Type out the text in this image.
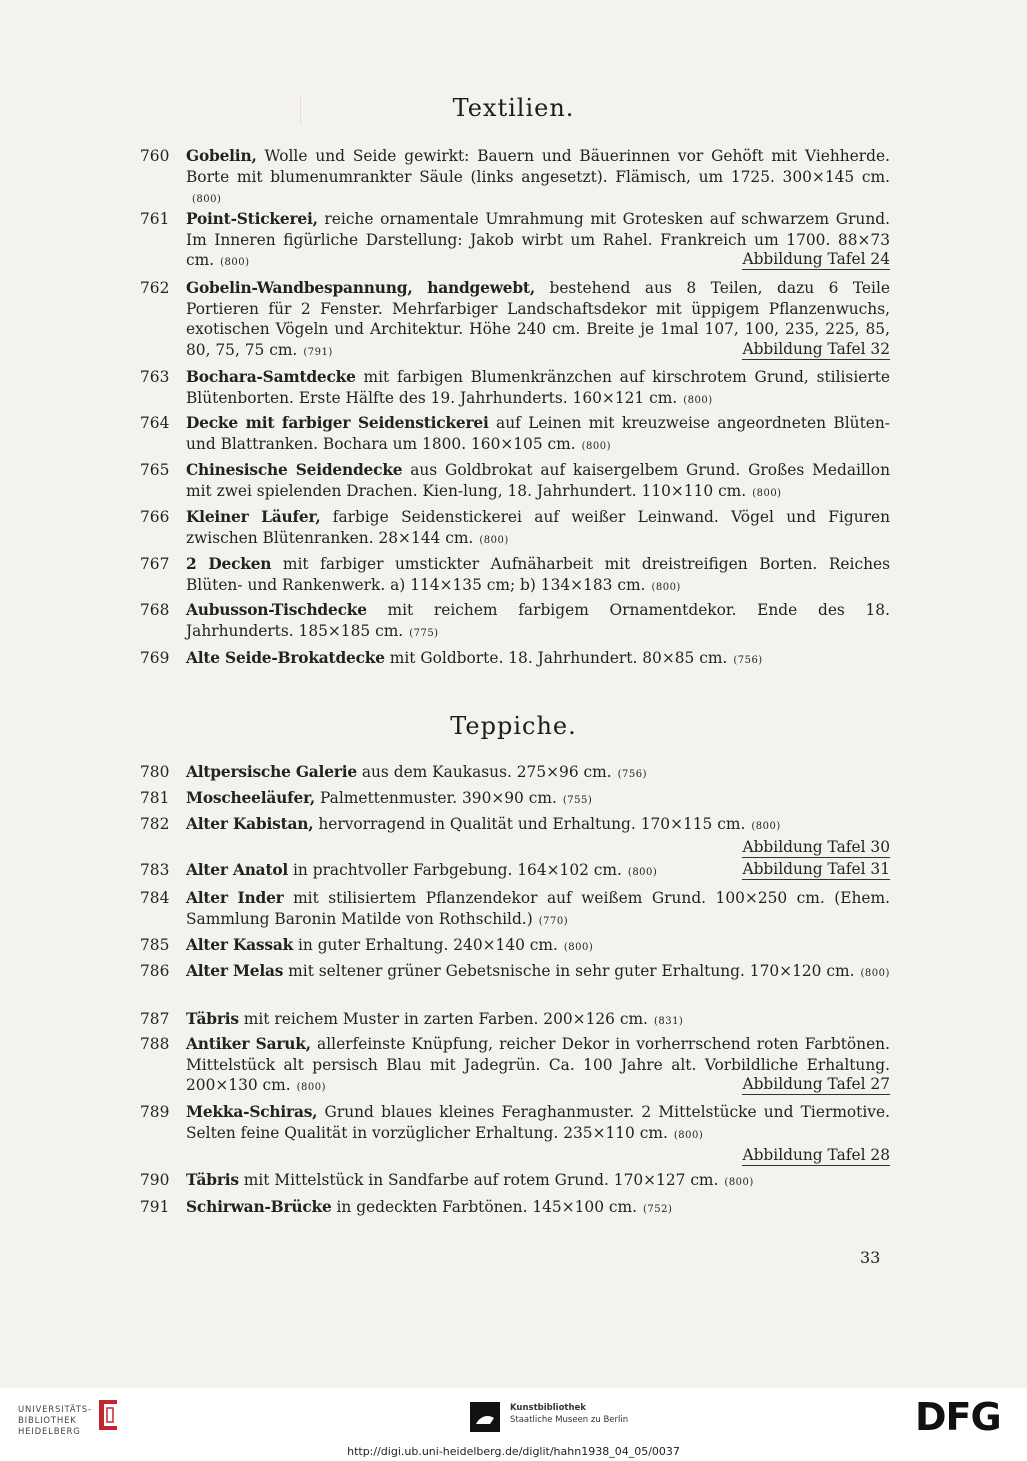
Textilien.
760	Gobelin, Wolle und Seide gewirkt: Bauern und Bäuerinnen vor Gehöft mit Viehherde. Borte mit blumenumrankter Säule (links angesetzt). Flämisch, um 1725. 300×145 cm.(800)
761	Point-Stickerei, reiche ornamentale Umrahmung mit Grotesken auf schwarzem Grund. Im Inneren figürliche Darstellung: Jakob wirbt um Rahel. Frankreich um 1700. 88×73 cm. (800)	Abbildung Tafel 24
762	Gobelin-Wandbespannung, handgewebt, bestehend aus 8 Teilen, dazu 6 Teile Portieren für 2 Fenster. Mehrfarbiger Landschaftsdekor mit üppigem Pflanzenwuchs, exotischen Vögeln und Architektur. Höhe 240 cm. Breite je 1mal 107, 100, 235, 225, 85, 80, 75, 75 cm. (791)	Abbildung Tafel 32
763	Bochara-Samtdecke mit farbigen Blumenkränzchen auf kirschrotem Grund, stilisierte Blütenborten. Erste Hälfte des 19. Jahrhunderts. 160×121 cm. (800)
764	Decke mit farbiger Seidenstickerei auf Leinen mit kreuzweise angeordneten Blüten- und Blattranken. Bochara um 1800. 160×105 cm. (800)
765	Chinesische Seidendecke aus Goldbrokat auf kaisergelbem Grund. Großes Medaillon mit zwei spielenden Drachen. Kien-lung, 18. Jahrhundert. 110×110 cm. (800)
766	Kleiner Läufer, farbige Seidenstickerei auf weißer Leinwand. Vögel und Figuren zwischen Blütenranken. 28×144 cm. (800)
767	2 Decken mit farbiger umstickter Aufnäharbeit mit dreistreifigen Borten. Reiches Blüten- und Rankenwerk. a) 114×135 cm; b) 134×183 cm. (800)
768	Aubusson-Tischdecke mit reichem farbigem Ornamentdekor. Ende des 18. Jahrhunderts. 185×185 cm. (775)
769	Alte Seide-Brokatdecke mit Goldborte. 18. Jahrhundert. 80×85 cm. (756)
Teppiche.
780	Altpersische Galerie aus dem Kaukasus. 275×96 cm. (756)
781	Moscheeläufer, Palmettenmuster. 390×90 cm. (755)
782	Alter Kabistan, hervorragend in Qualität und Erhaltung. 170×115 cm. (800)

Abbildung Tafel 30
783	Alter Anatol in prachtvoller Farbgebung. 164×102 cm. (800)	Abbildung Tafel 31
784	Alter Inder mit stilisiertem Pflanzendekor auf weißem Grund. 100×250 cm. (Ehem. Sammlung Baronin Matilde von Rothschild.) (770)
785	Alter Kassak in guter Erhaltung. 240×140 cm. (800)
786	Alter Melas mit seltener grüner Gebetsnische in sehr guter Erhaltung. 170×120 cm. (800)
787	Täbris mit reichem Muster in zarten Farben. 200×126 cm. (831)
788	Antiker Saruk, allerfeinste Knüpfung, reicher Dekor in vorherrschend roten Farbtönen. Mittelstück alt persisch Blau mit Jadegrün. Ca. 100 Jahre alt. Vorbildliche Erhaltung. 200×130 cm. (800)	Abbildung Tafel 27
789	Mekka-Schiras, Grund blaues kleines Feraghanmuster. 2 Mittelstücke und Tiermotive. Selten feine Qualität in vorzüglicher Erhaltung. 235×110 cm. (800)

Abbildung Tafel 28
790	Täbris mit Mittelstück in Sandfarbe auf rotem Grund. 170×127 cm. (800)
791	Schirwan-Brücke in gedeckten Farbtönen. 145×100 cm. (752)
33
UNIVERSITÄTS-
BIBLIOTHEK
HEIDELBERG
Kunstbibliothek
Staatliche Museen zu Berlin	DFG
http://digi.ub.uni-heidelberg.de/diglit/hahn1938_04_05/0037
